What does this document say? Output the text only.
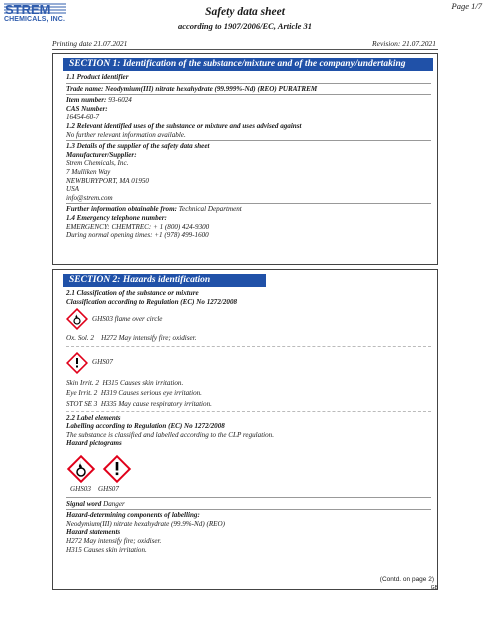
STREM
CHEMICALS, INC.
Safety data sheet
according to 1907/2006/EC, Article 31
Page 1/7
Printing date 21.07.2021	Revision: 21.07.2021
SECTION 1: Identification of the substance/mixture and of the company/undertaking
1.1 Product identifier
Trade name: Neodymium(III) nitrate hexahydrate (99.999%-Nd) (REO) PURATREM
Item number: 93-6024
CAS Number:
16454-60-7
1.2 Relevant identified uses of the substance or mixture and uses advised against
No further relevant information available.
1.3 Details of the supplier of the safety data sheet
Manufacturer/Supplier:
Strem Chemicals, Inc.
7 Mulliken Way
NEWBURYPORT, MA 01950
USA
info@strem.com
Further information obtainable from: Technical Department
1.4 Emergency telephone number:
EMERGENCY: CHEMTREC: + 1 (800) 424-9300
During normal opening times: +1 (978) 499-1600
SECTION 2: Hazards identification
2.1 Classification of the substance or mixture
Classification according to Regulation (EC) No 1272/2008
GHS03 flame over circle
Ox. Sol. 2 H272 May intensify fire; oxidiser.
GHS07
Skin Irrit. 2 H315 Causes skin irritation.
Eye Irrit. 2 H319 Causes serious eye irritation.
STOT SE 3 H335 May cause respiratory irritation.
2.2 Label elements
Labelling according to Regulation (EC) No 1272/2008
The substance is classified and labelled according to the CLP regulation.
Hazard pictograms
GHS03 GHS07
Signal word Danger
Hazard-determining components of labelling:
Neodymium(III) nitrate hexahydrate (99.9%-Nd) (REO)
Hazard statements
H272 May intensify fire; oxidiser.
H315 Causes skin irritation.
(Contd. on page 2)
GB
